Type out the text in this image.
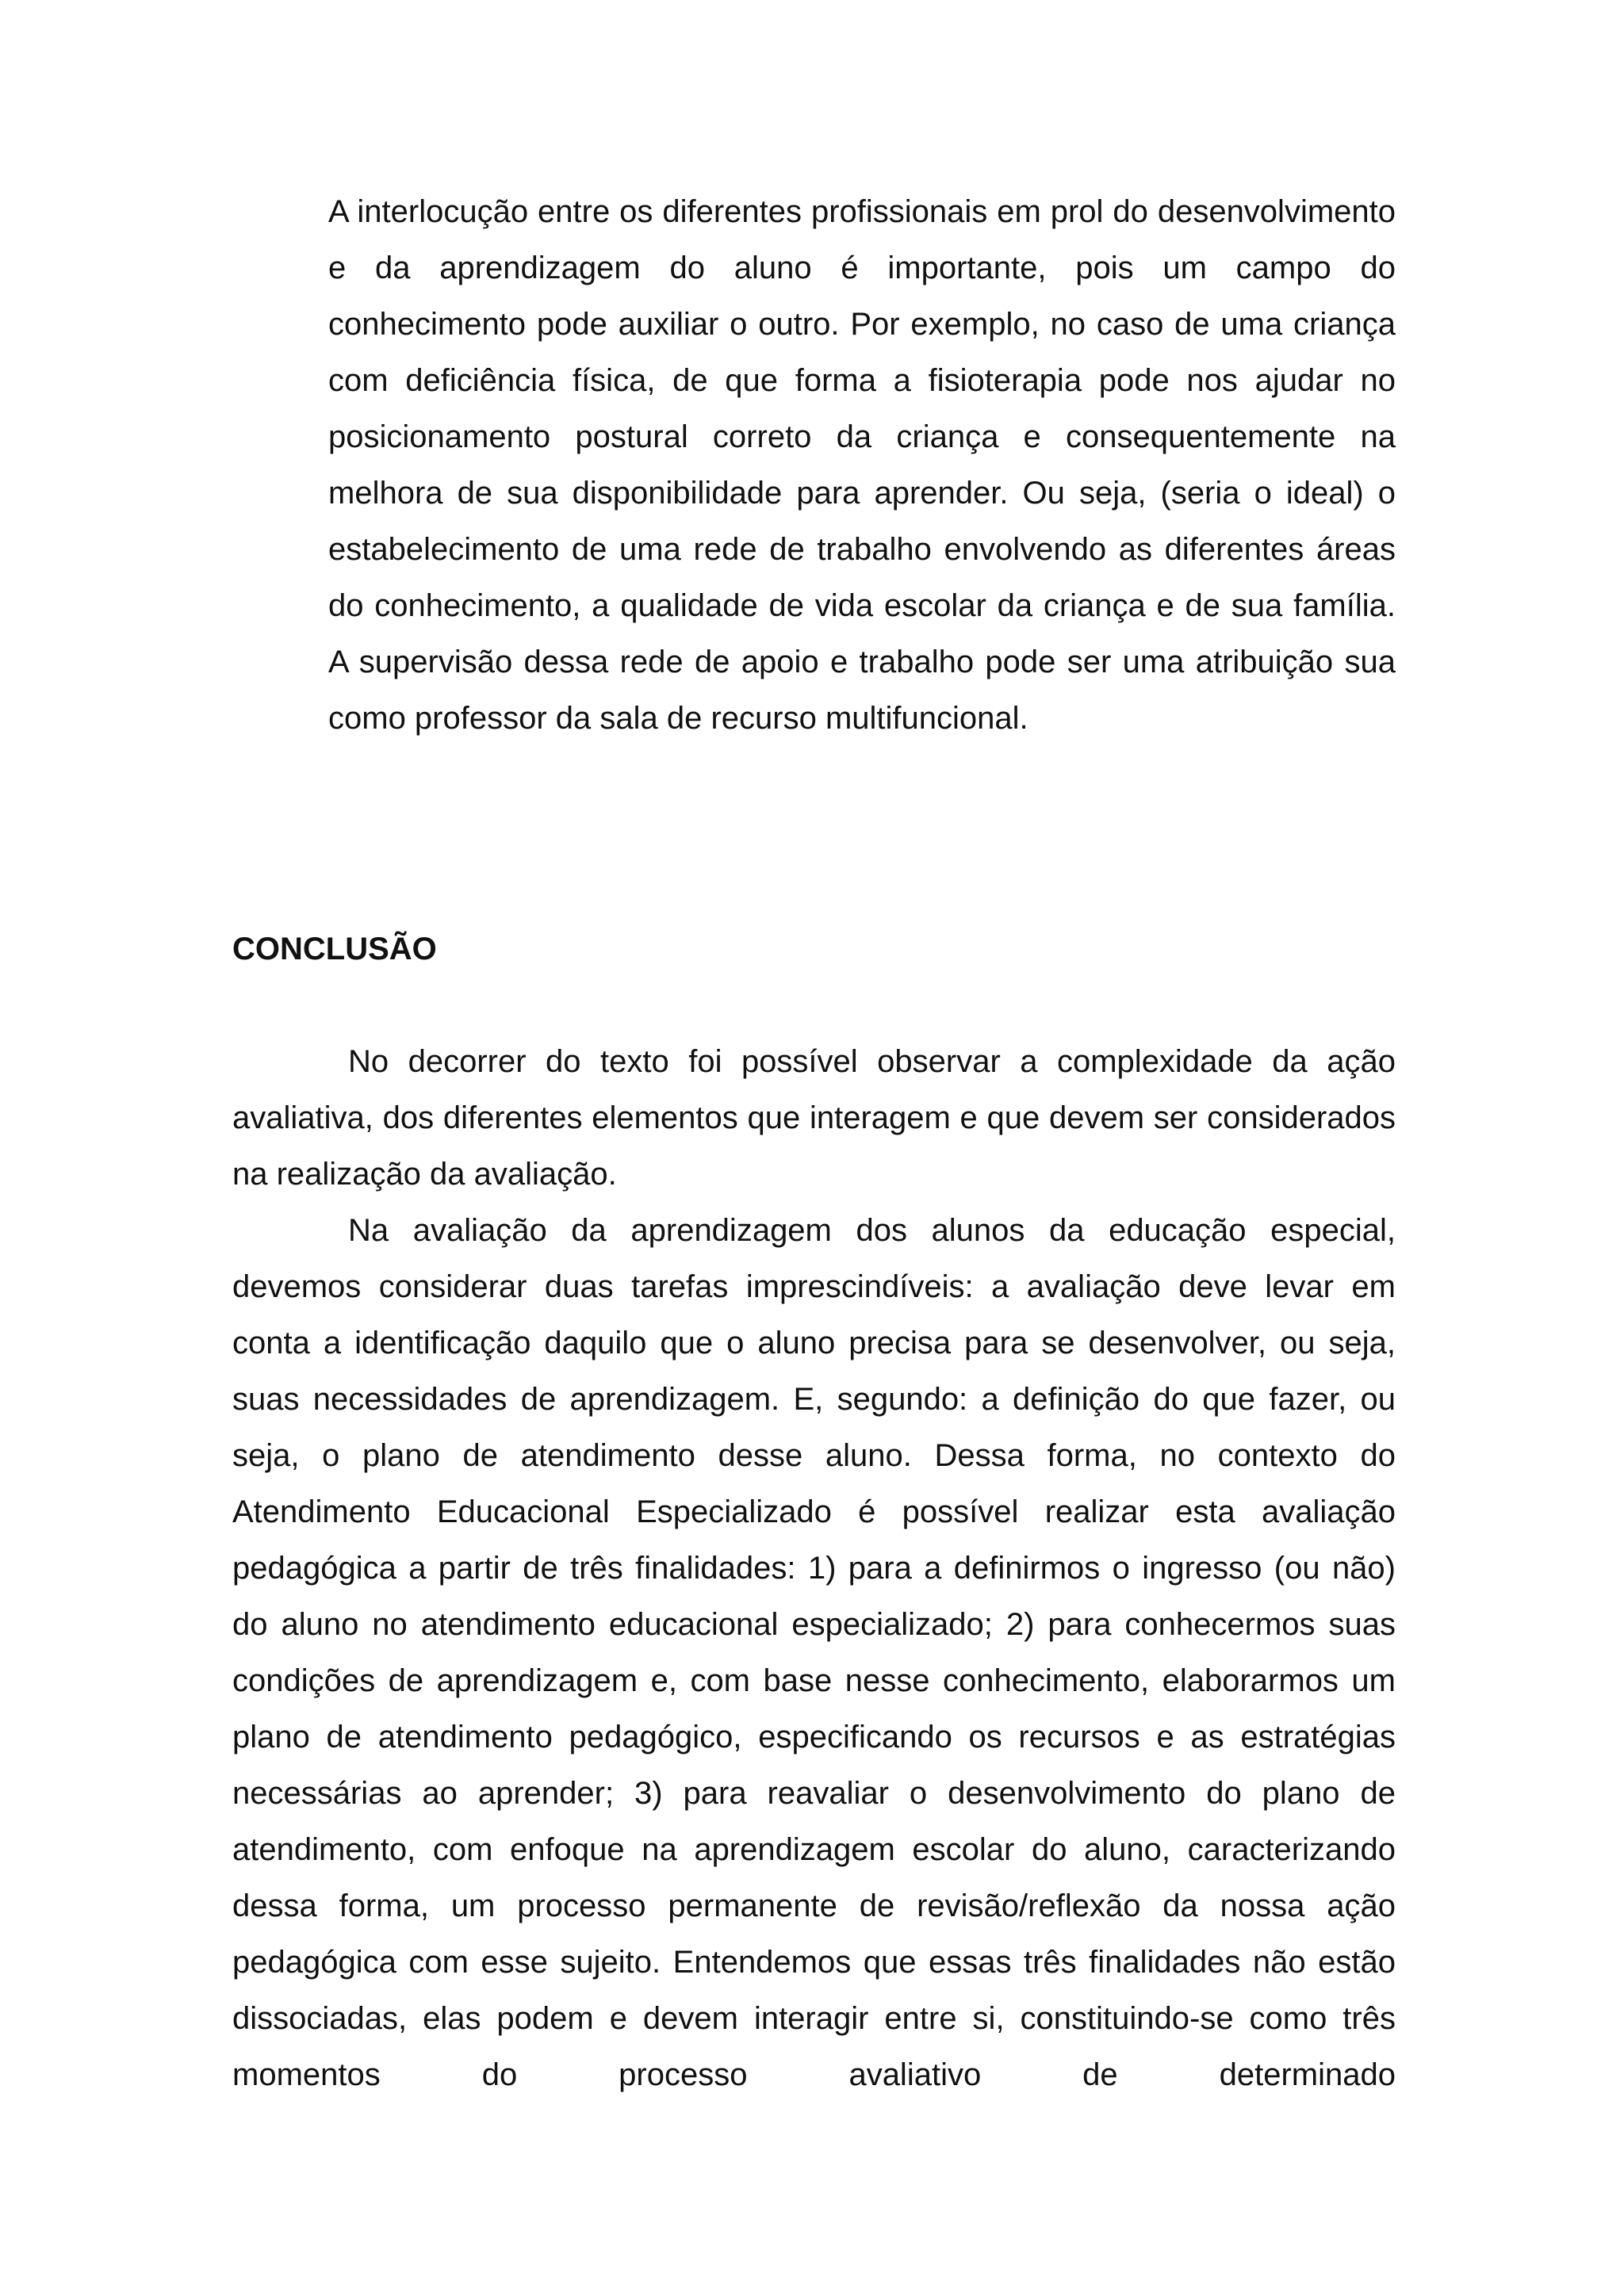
A interlocução entre os diferentes profissionais em prol do desenvolvimento e da aprendizagem do aluno é importante, pois um campo do conhecimento pode auxiliar o outro. Por exemplo, no caso de uma criança com deficiência física, de que forma a fisioterapia pode nos ajudar no posicionamento postural correto da criança e consequentemente na melhora de sua disponibilidade para aprender. Ou seja, (seria o ideal) o estabelecimento de uma rede de trabalho envolvendo as diferentes áreas do conhecimento, a qualidade de vida escolar da criança e de sua família. A supervisão dessa rede de apoio e trabalho pode ser uma atribuição sua como professor da sala de recurso multifuncional.

CONCLUSÃO

No decorrer do texto foi possível observar a complexidade da ação avaliativa, dos diferentes elementos que interagem e que devem ser considerados na realização da avaliação.

Na avaliação da aprendizagem dos alunos da educação especial, devemos considerar duas tarefas imprescindíveis: a avaliação deve levar em conta a identificação daquilo que o aluno precisa para se desenvolver, ou seja, suas necessidades de aprendizagem. E, segundo: a definição do que fazer, ou seja, o plano de atendimento desse aluno. Dessa forma, no contexto do Atendimento Educacional Especializado é possível realizar esta avaliação pedagógica a partir de três finalidades: 1) para a definirmos o ingresso (ou não) do aluno no atendimento educacional especializado; 2) para conhecermos suas condições de aprendizagem e, com base nesse conhecimento, elaborarmos um plano de atendimento pedagógico, especificando os recursos e as estratégias necessárias ao aprender; 3) para reavaliar o desenvolvimento do plano de atendimento, com enfoque na aprendizagem escolar do aluno, caracterizando dessa forma, um processo permanente de revisão/reflexão da nossa ação pedagógica com esse sujeito. Entendemos que essas três finalidades não estão dissociadas, elas podem e devem interagir entre si, constituindo-se como três momentos do processo avaliativo de determinado
